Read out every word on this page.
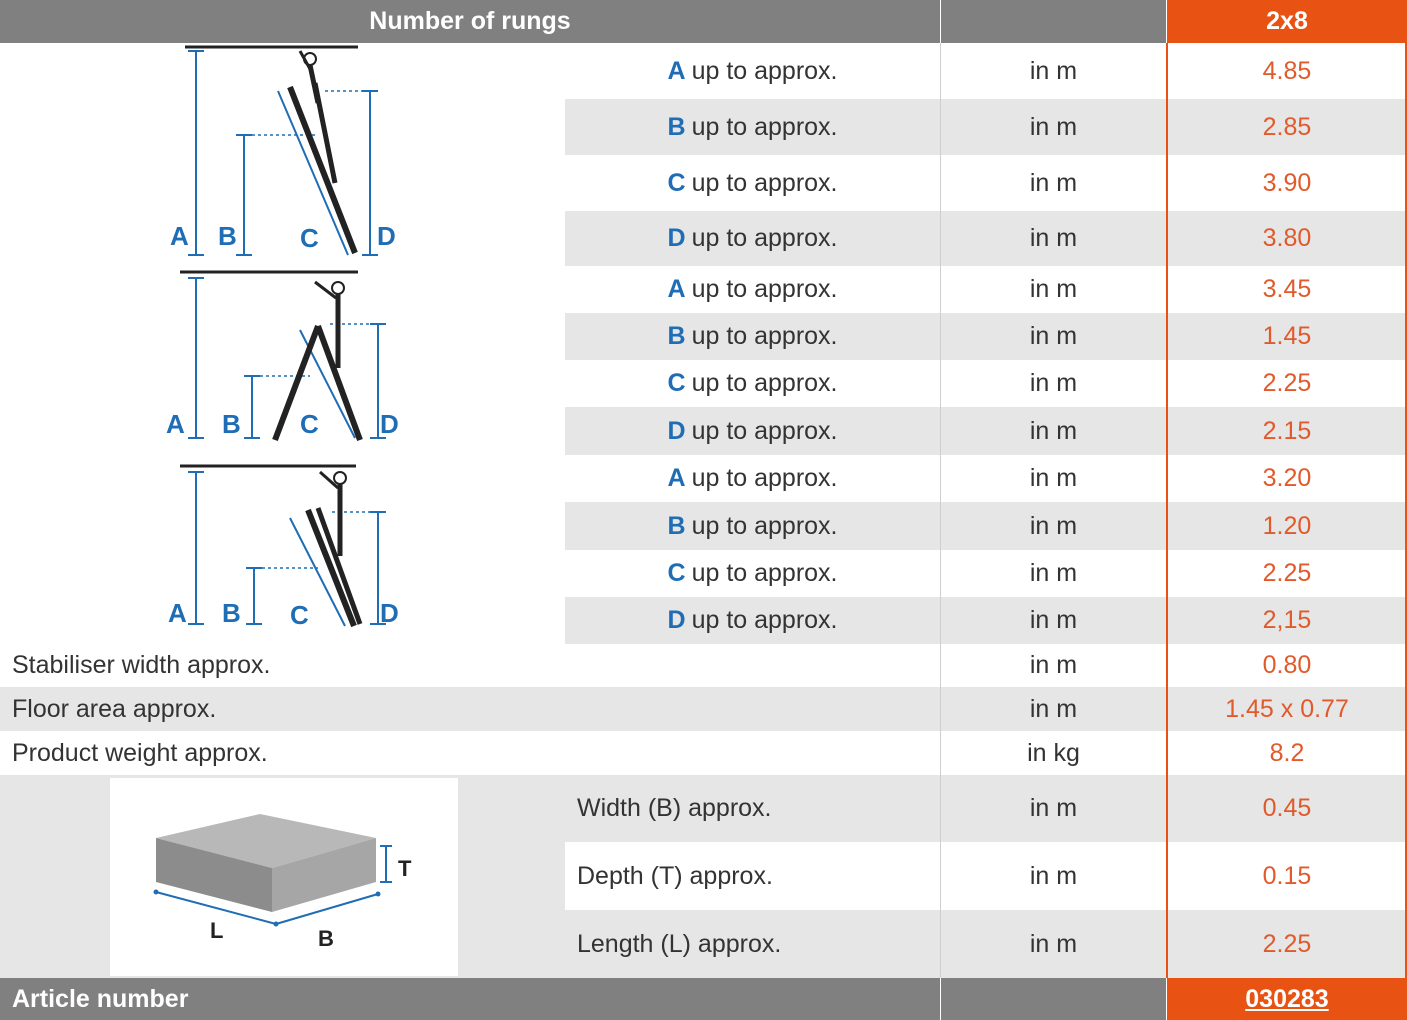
Number of rungs	2x8
A B C D
A B C D
A B C	D
A up to approx.	in m	4.85
B up to approx.	in m	2.85
C up to approx.	in m	3.90
D up to approx.	in m	3.80
A up to approx.	in m	3.45
B up to approx.	in m	1.45
C up to approx.	in m	2.25
D up to approx.	in m	2.15
A up to approx.	in m	3.20
B up to approx.	in m	1.20
C up to approx.	in m	2.25
D up to approx.	in m	2,15
Stabiliser width approx.	in m	0.80
Floor area approx.	in m	1.45 x 0.77
Product weight approx.	in kg	8.2
T
L	B
Width (B) approx.	in m	0.45
Depth (T) approx.	in m	0.15
Length (L) approx.	in m	2.25
Article number	030283
